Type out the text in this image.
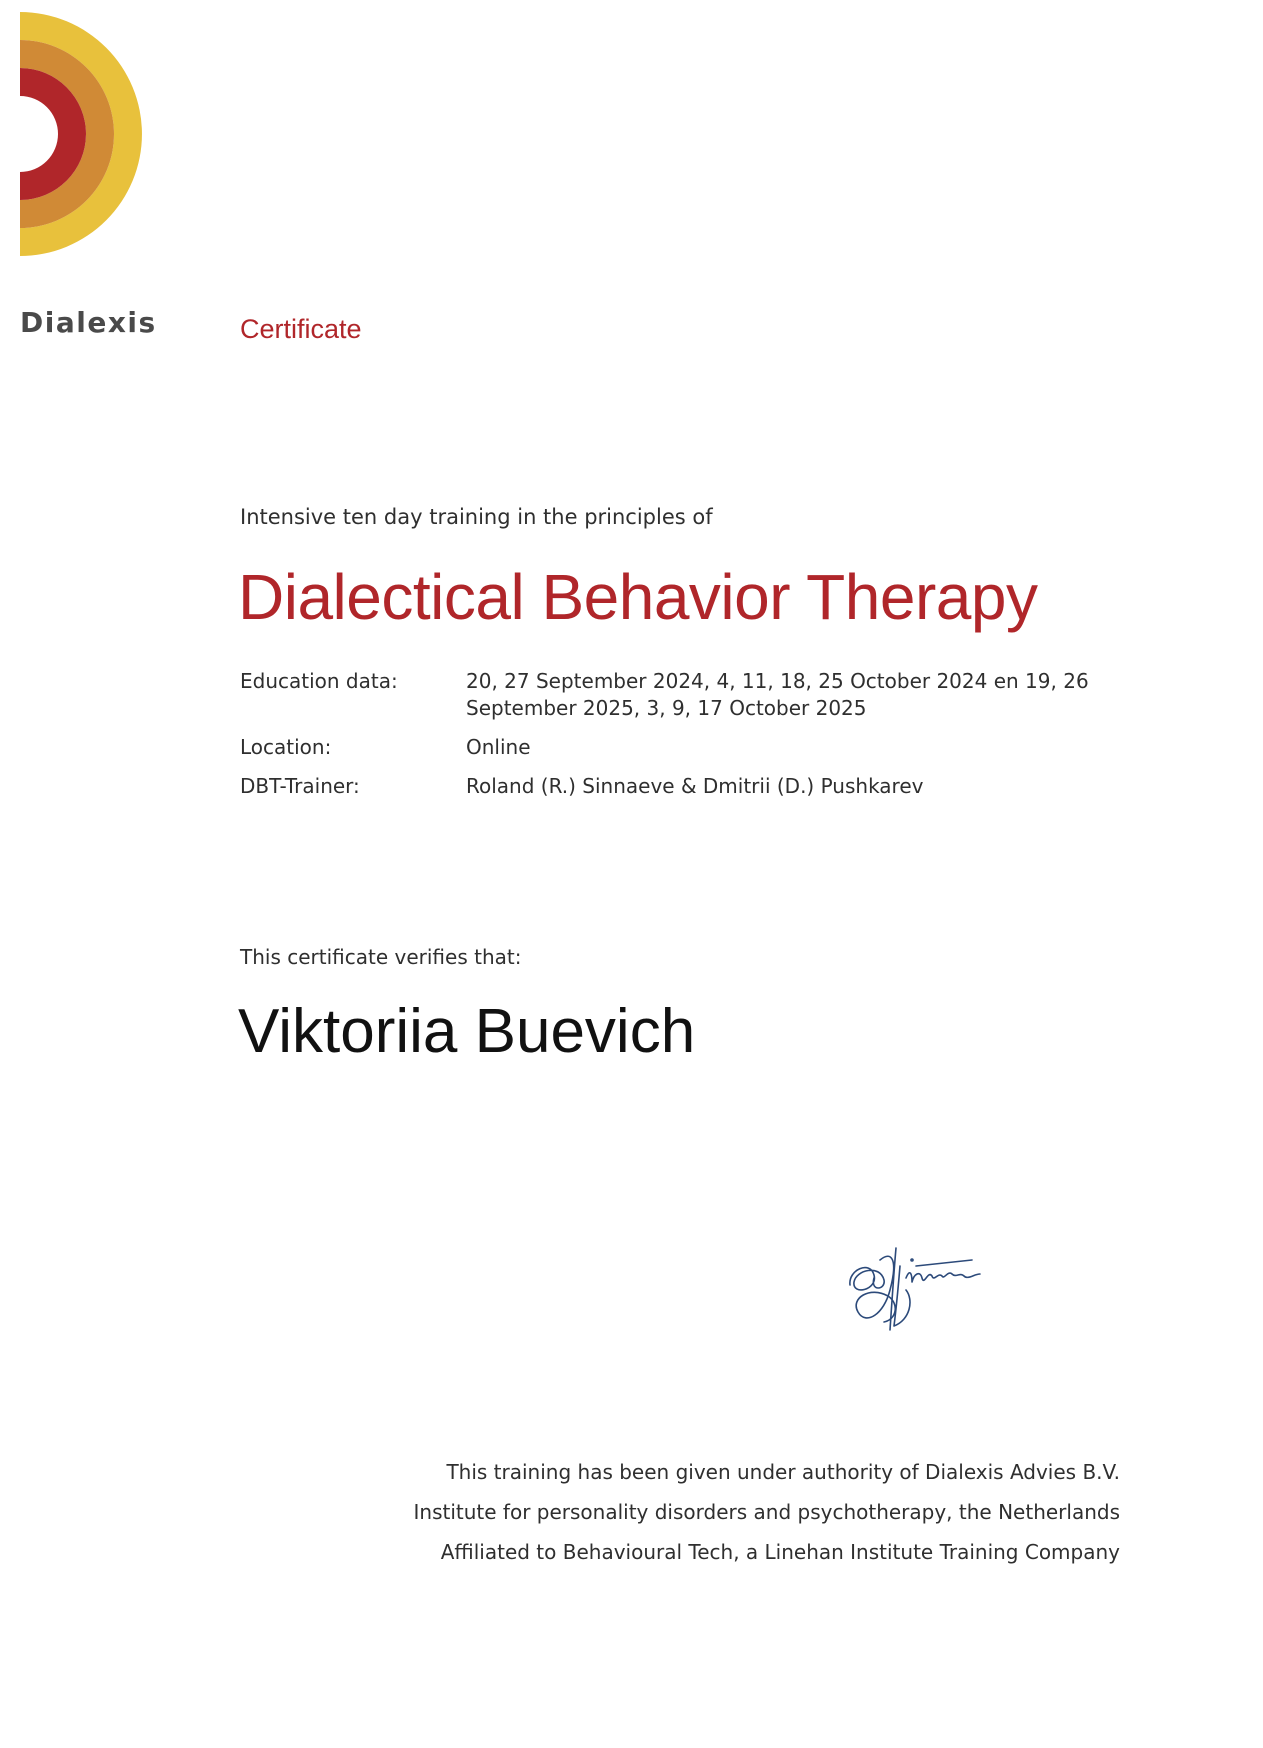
Dialexis	Certificate
Intensive ten day training in the principles of
Dialectical Behavior Therapy
Education data:	20, 27 September 2024, 4, 11, 18, 25 October 2024 en 19, 26 September 2025, 3, 9, 17 October 2025
Location:	Online
DBT-Trainer:	Roland (R.) Sinnaeve & Dmitrii (D.) Pushkarev
This certificate verifies that:
Viktoriia Buevich
This training has been given under authority of Dialexis Advies B.V.
Institute for personality disorders and psychotherapy, the Netherlands
Affiliated to Behavioural Tech, a Linehan Institute Training Company
